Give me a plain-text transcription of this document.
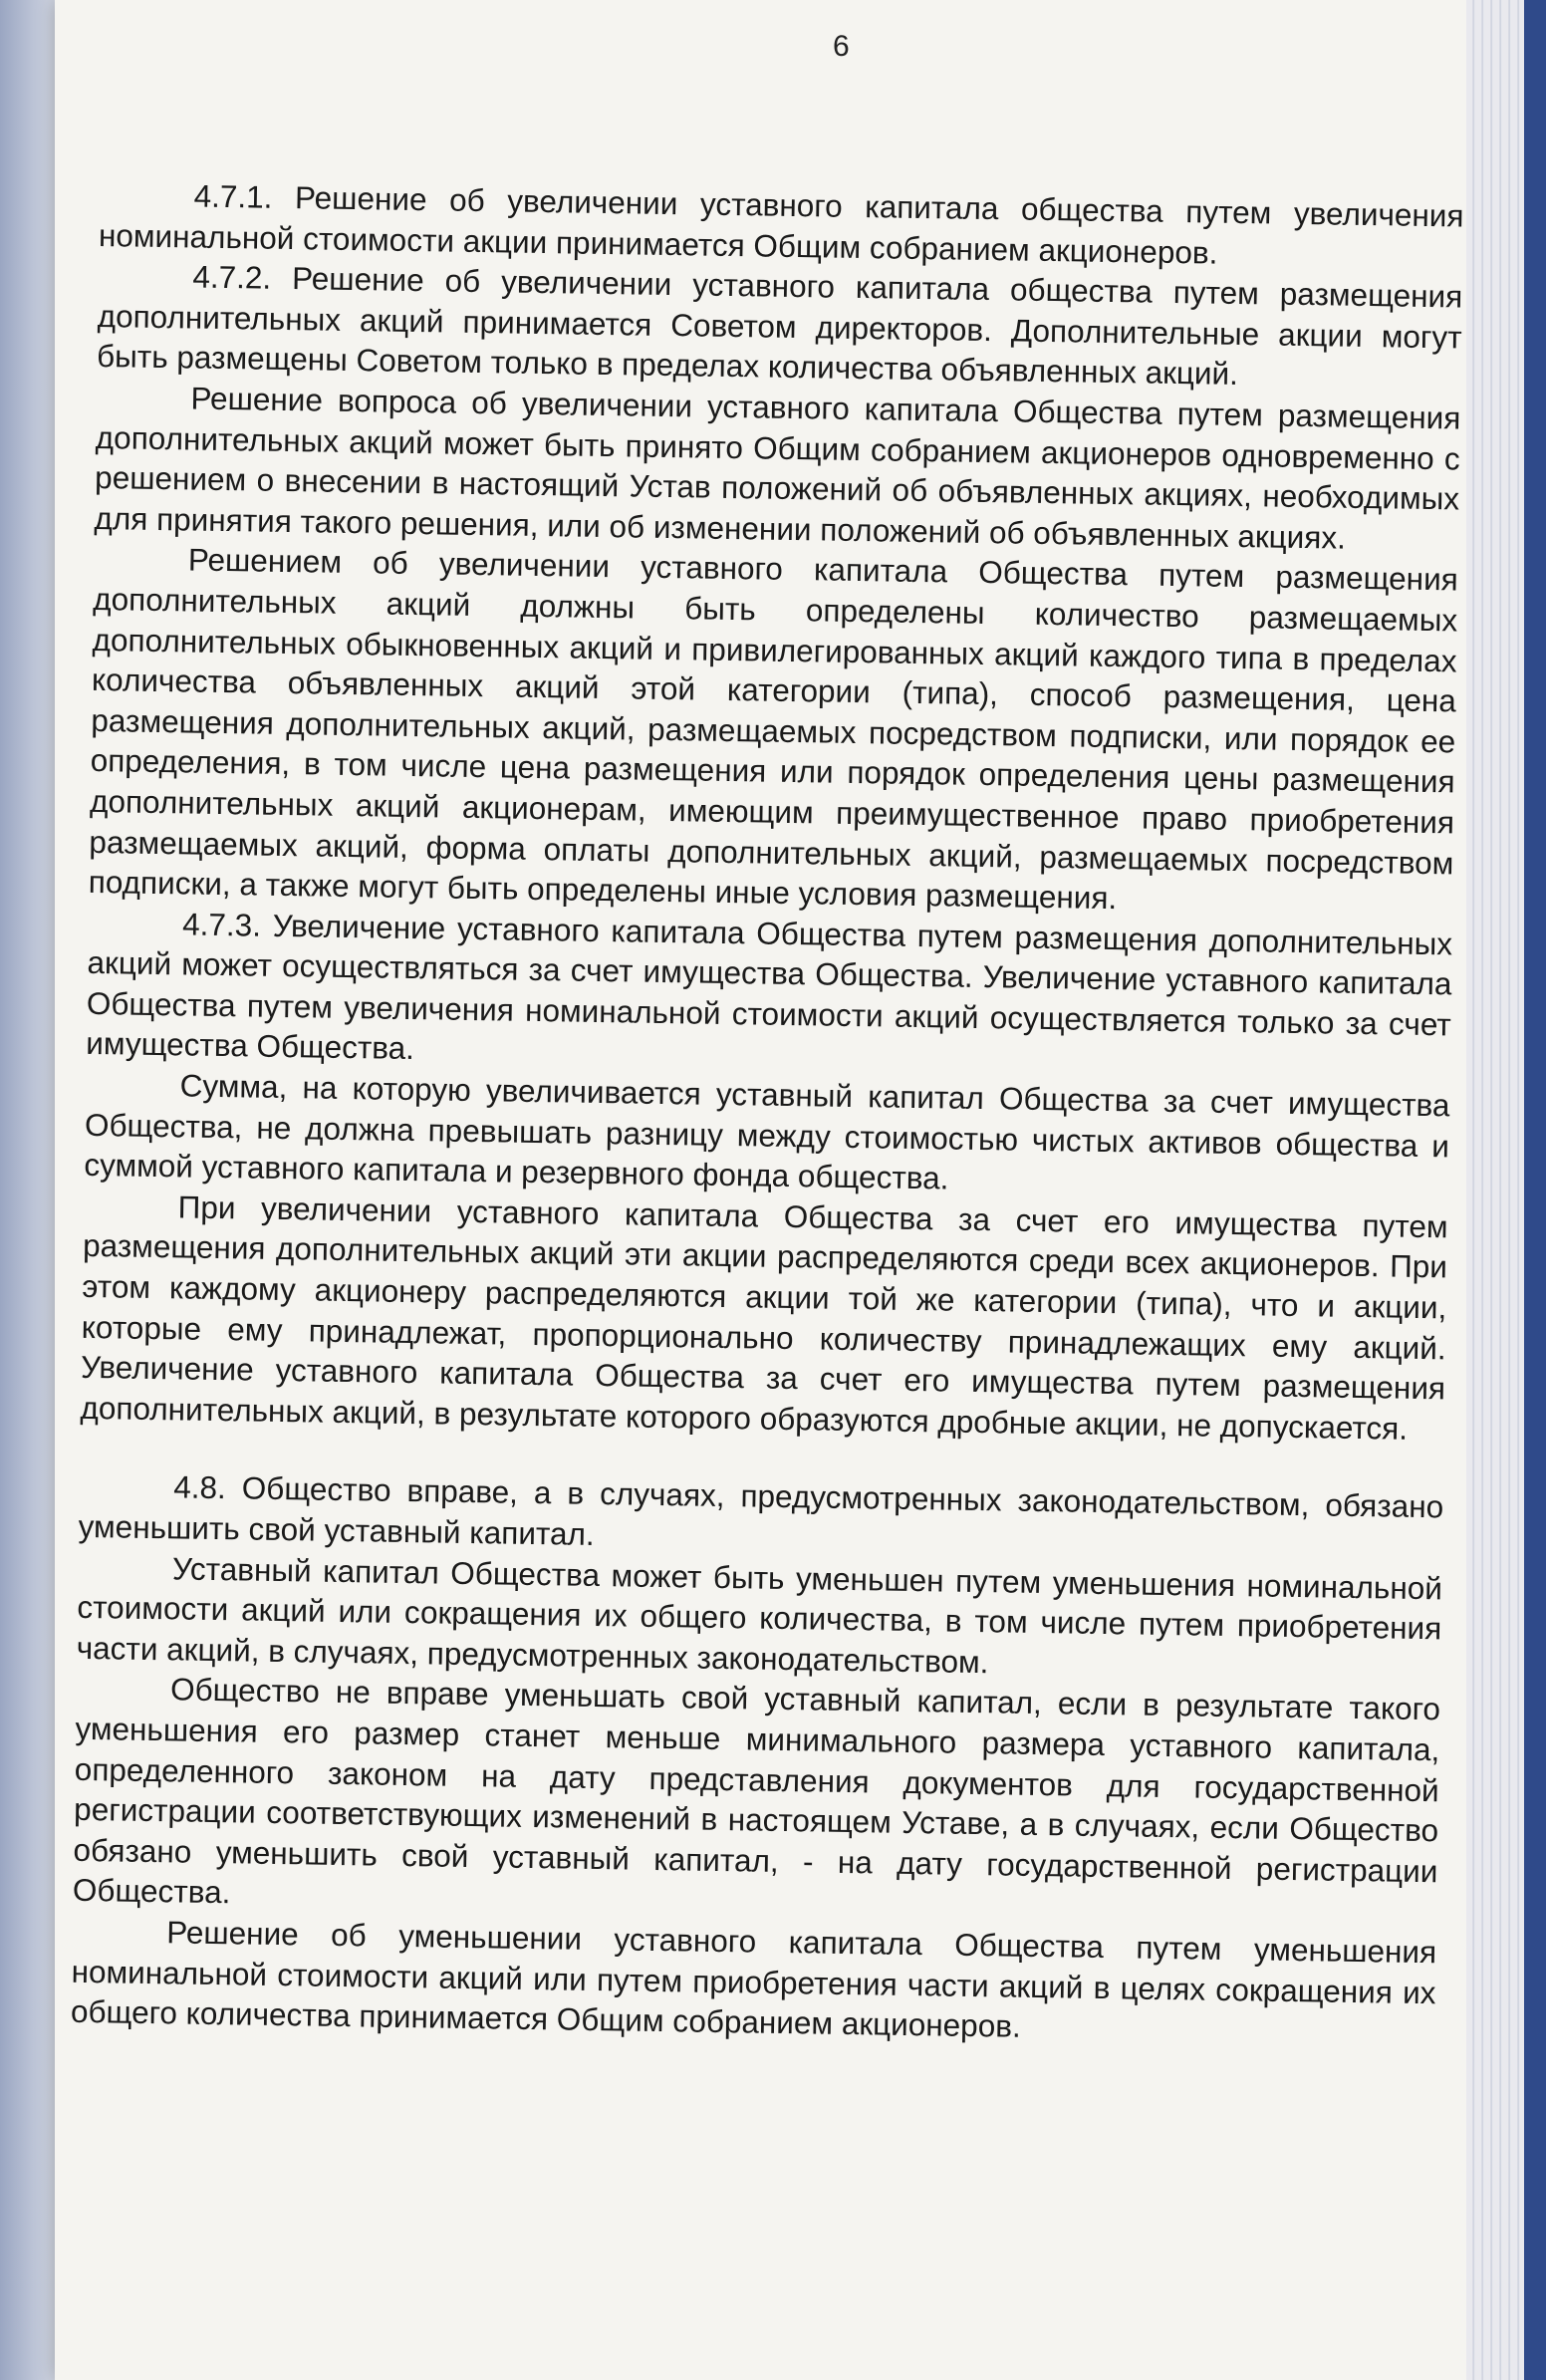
6

4.7.1. Решение об увеличении уставного капитала общества путем увеличения номинальной стоимости акции принимается Общим собранием акционеров.

4.7.2. Решение об увеличении уставного капитала общества путем размещения дополнительных акций принимается Советом директоров. Дополнительные акции могут быть размещены Советом только в пределах количества объявленных акций.

Решение вопроса об увеличении уставного капитала Общества путем размещения дополнительных акций может быть принято Общим собранием акционеров одновременно с решением о внесении в настоящий Устав положений об объявленных акциях, необходимых для принятия такого решения, или об изменении положений об объявленных акциях.

Решением об увеличении уставного капитала Общества путем размещения дополнительных акций должны быть определены количество размещаемых дополнительных обыкновенных акций и привилегированных акций каждого типа в пределах количества объявленных акций этой категории (типа), способ размещения, цена размещения дополнительных акций, размещаемых посредством подписки, или порядок ее определения, в том числе цена размещения или порядок определения цены размещения дополнительных акций акционерам, имеющим преимущественное право приобретения размещаемых акций, форма оплаты дополнительных акций, размещаемых посредством подписки, а также могут быть определены иные условия размещения.

4.7.3. Увеличение уставного капитала Общества путем размещения дополнительных акций может осуществляться за счет имущества Общества. Увеличение уставного капитала Общества путем увеличения номинальной стоимости акций осуществляется только за счет имущества Общества.

Сумма, на которую увеличивается уставный капитал Общества за счет имущества Общества, не должна превышать разницу между стоимостью чистых активов общества и суммой уставного капитала и резервного фонда общества.

При увеличении уставного капитала Общества за счет его имущества путем размещения дополнительных акций эти акции распределяются среди всех акционеров. При этом каждому акционеру распределяются акции той же категории (типа), что и акции, которые ему принадлежат, пропорционально количеству принадлежащих ему акций. Увеличение уставного капитала Общества за счет его имущества путем размещения дополнительных акций, в результате которого образуются дробные акции, не допускается.

4.8. Общество вправе, а в случаях, предусмотренных законодательством, обязано уменьшить свой уставный капитал.

Уставный капитал Общества может быть уменьшен путем уменьшения номинальной стоимости акций или сокращения их общего количества, в том числе путем приобретения части акций, в случаях, предусмотренных законодательством.

Общество не вправе уменьшать свой уставный капитал, если в результате такого уменьшения его размер станет меньше минимального размера уставного капитала, определенного законом на дату представления документов для государственной регистрации соответствующих изменений в настоящем Уставе, а в случаях, если Общество обязано уменьшить свой уставный капитал, - на дату государственной регистрации Общества.

Решение об уменьшении уставного капитала Общества путем уменьшения номинальной стоимости акций или путем приобретения части акций в целях сокращения их общего количества принимается Общим собранием акционеров.
